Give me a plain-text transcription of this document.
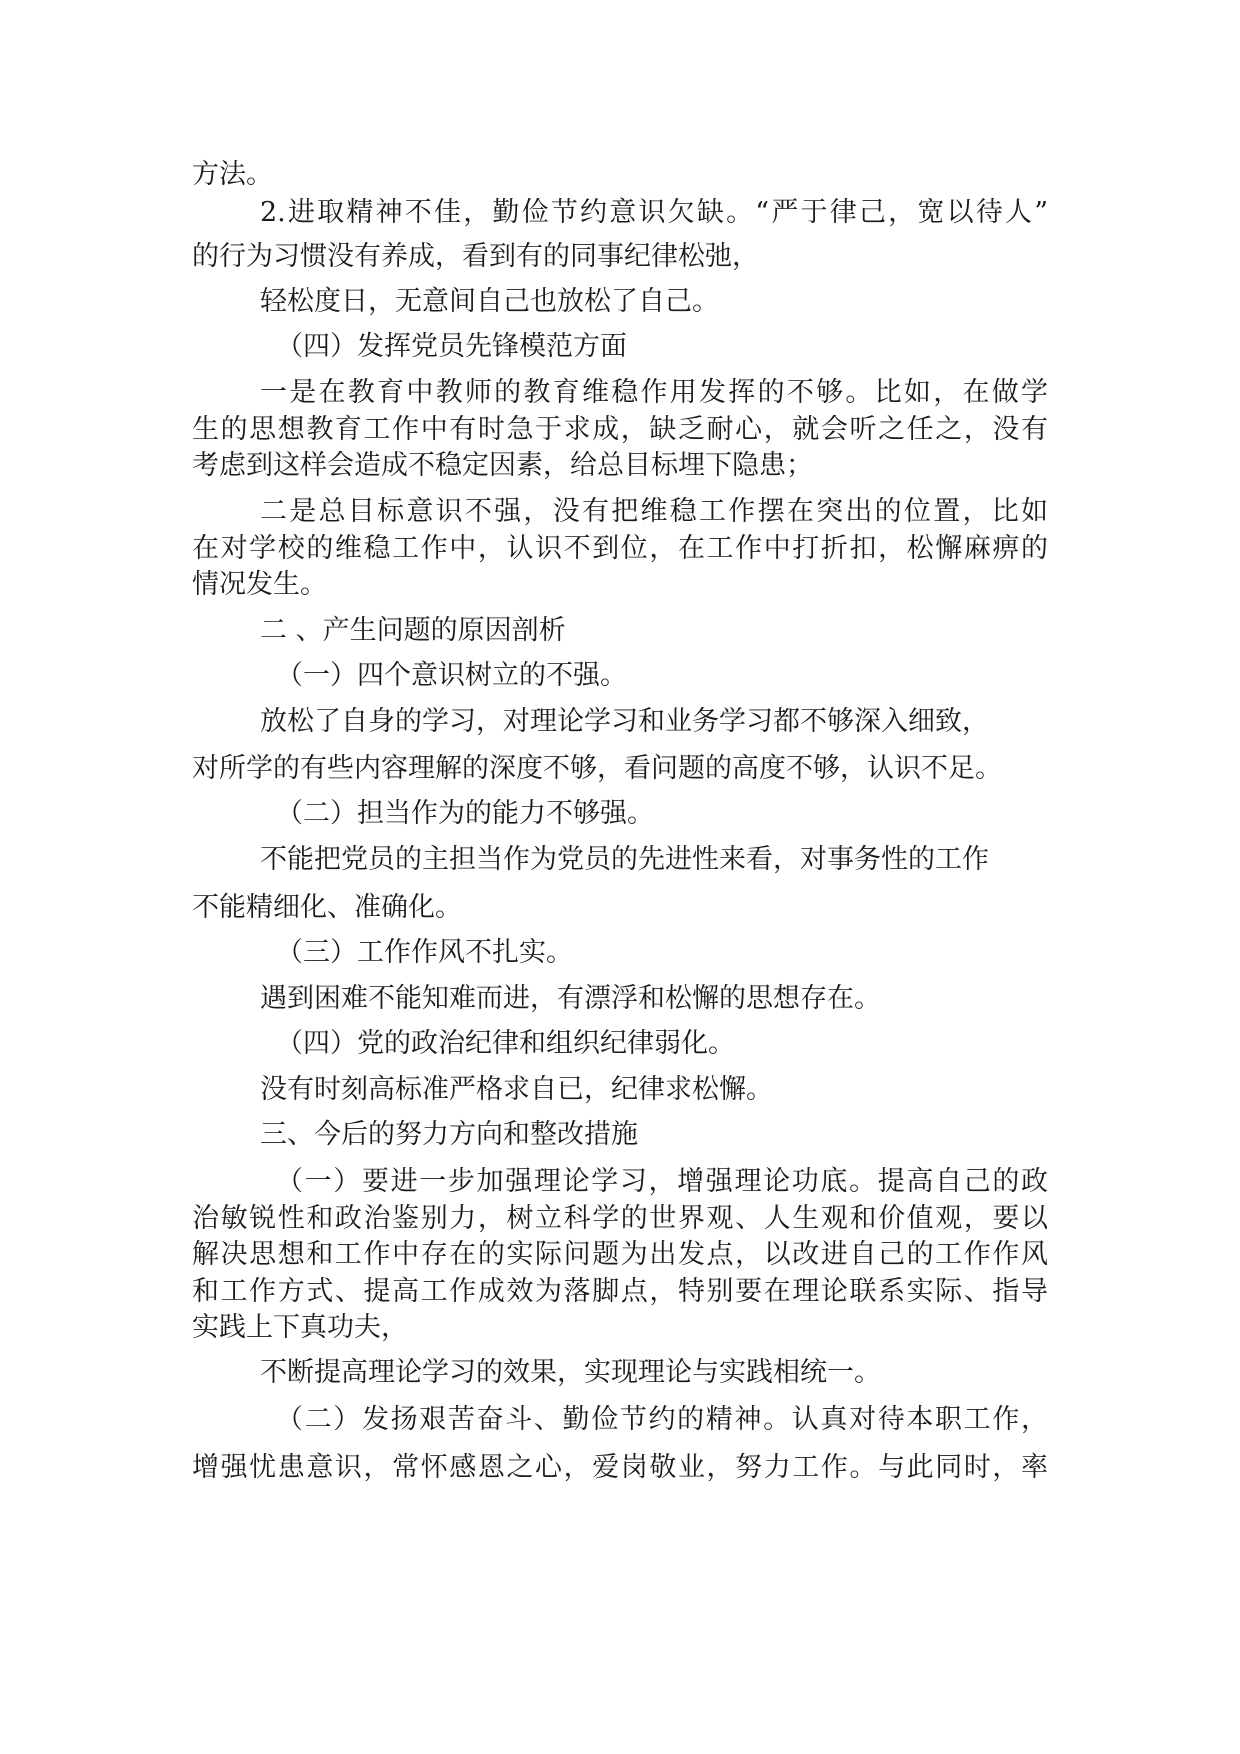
方法。

2.进取精神不佳，勤俭节约意识欠缺。“严于律己，宽以待人”

的行为习惯没有养成，看到有的同事纪律松弛，

轻松度日，无意间自己也放松了自己。

（四）发挥党员先锋模范方面

一是在教育中教师的教育维稳作用发挥的不够。比如，在做学

生的思想教育工作中有时急于求成，缺乏耐心，就会听之任之，没有

考虑到这样会造成不稳定因素，给总目标埋下隐患；

二是总目标意识不强，没有把维稳工作摆在突出的位置，比如

在对学校的维稳工作中，认识不到位，在工作中打折扣，松懈麻痹的

情况发生。

二 、产生问题的原因剖析

（一）四个意识树立的不强。

放松了自身的学习，对理论学习和业务学习都不够深入细致，

对所学的有些内容理解的深度不够，看问题的高度不够，认识不足。

（二）担当作为的能力不够强。

不能把党员的主担当作为党员的先进性来看，对事务性的工作

不能精细化、准确化。

（三）工作作风不扎实。

遇到困难不能知难而进，有漂浮和松懈的思想存在。

（四）党的政治纪律和组织纪律弱化。

没有时刻高标准严格求自已，纪律求松懈。

三、今后的努力方向和整改措施

（一）要进一步加强理论学习，增强理论功底。提高自己的政

治敏锐性和政治鉴别力，树立科学的世界观、人生观和价值观，要以

解决思想和工作中存在的实际问题为出发点，以改进自己的工作作风

和工作方式、提高工作成效为落脚点，特别要在理论联系实际、指导

实践上下真功夫，

不断提高理论学习的效果，实现理论与实践相统一。

（二）发扬艰苦奋斗、勤俭节约的精神。认真对待本职工作，

增强忧患意识，常怀感恩之心，爱岗敬业，努力工作。与此同时，率
